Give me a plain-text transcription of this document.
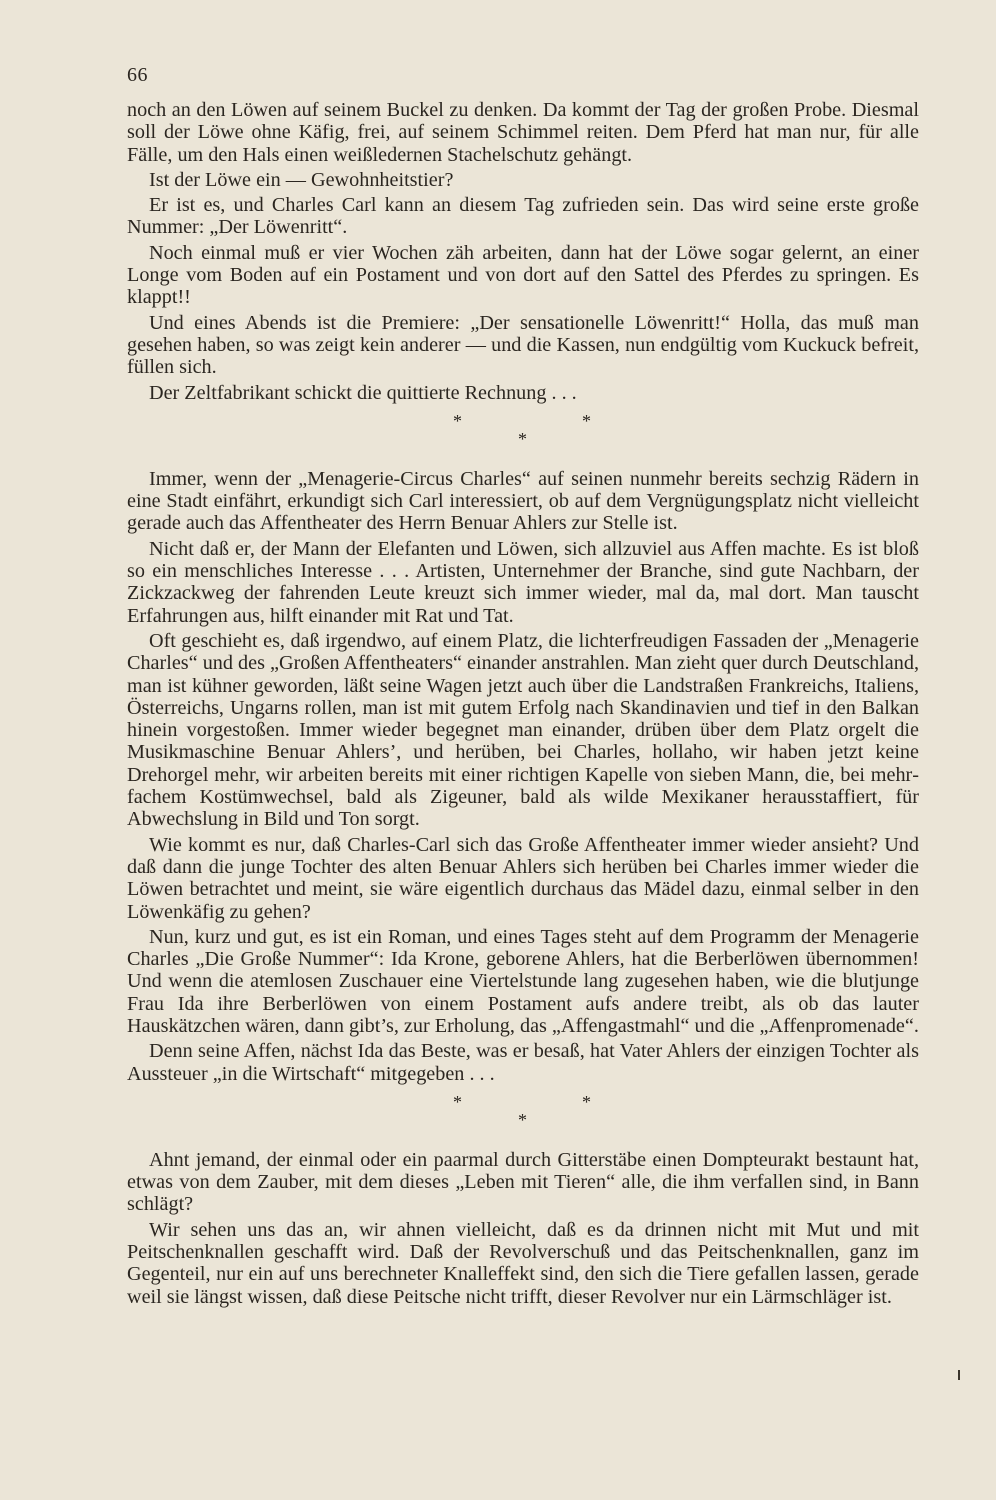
66

noch an den Löwen auf seinem Buckel zu denken. Da kommt der Tag der großen Probe. Diesmal soll der Löwe ohne Käfig, frei, auf seinem Schimmel reiten. Dem Pferd hat man nur, für alle Fälle, um den Hals einen weißledernen Stachelschutz gehängt.

Ist der Löwe ein — Gewohnheitstier?

Er ist es, und Charles Carl kann an diesem Tag zufrieden sein. Das wird seine erste große Nummer: „Der Löwenritt“.

Noch einmal muß er vier Wochen zäh arbeiten, dann hat der Löwe sogar gelernt, an einer Longe vom Boden auf ein Postament und von dort auf den Sattel des Pferdes zu springen. Es klappt!!

Und eines Abends ist die Premiere: „Der sensationelle Löwenritt!“ Holla, das muß man gesehen haben, so was zeigt kein anderer — und die Kassen, nun endgültig vom Kuckuck befreit, füllen sich.

Der Zeltfabrikant schickt die quittierte Rechnung . . .

*	*
*

Immer, wenn der „Menagerie-Circus Charles“ auf seinen nunmehr bereits sechzig Rädern in eine Stadt einfährt, erkundigt sich Carl interessiert, ob auf dem Vergnügungsplatz nicht vielleicht gerade auch das Affentheater des Herrn Benuar Ahlers zur Stelle ist.

Nicht daß er, der Mann der Elefanten und Löwen, sich allzuviel aus Affen machte. Es ist bloß so ein menschliches Interesse . . . Artisten, Unternehmer der Branche, sind gute Nachbarn, der Zickzackweg der fahrenden Leute kreuzt sich immer wieder, mal da, mal dort. Man tauscht Erfahrungen aus, hilft einander mit Rat und Tat.

Oft geschieht es, daß irgendwo, auf einem Platz, die lichterfreudigen Fassaden der „Menagerie Charles“ und des „Großen Affentheaters“ einander anstrahlen. Man zieht quer durch Deutschland, man ist kühner geworden, läßt seine Wagen jetzt auch über die Landstraßen Frankreichs, Italiens, Österreichs, Ungarns rollen, man ist mit gutem Erfolg nach Skandinavien und tief in den Balkan hinein vorgestoßen. Immer wieder begegnet man einander, drüben über dem Platz orgelt die Musikmaschine Benuar Ahlers’, und herüben, bei Charles, hollaho, wir haben jetzt keine Drehorgel mehr, wir arbeiten bereits mit einer richtigen Kapelle von sieben Mann, die, bei mehrfachem Kostümwechsel, bald als Zigeuner, bald als wilde Mexikaner herausstaffiert, für Abwechslung in Bild und Ton sorgt.

Wie kommt es nur, daß Charles-Carl sich das Große Affentheater immer wieder ansieht? Und daß dann die junge Tochter des alten Benuar Ahlers sich herüben bei Charles immer wieder die Löwen betrachtet und meint, sie wäre eigentlich durchaus das Mädel dazu, einmal selber in den Löwenkäfig zu gehen?

Nun, kurz und gut, es ist ein Roman, und eines Tages steht auf dem Programm der Menagerie Charles „Die Große Nummer“: Ida Krone, geborene Ahlers, hat die Berberlöwen übernommen! Und wenn die atemlosen Zuschauer eine Viertelstunde lang zugesehen haben, wie die blutjunge Frau Ida ihre Berberlöwen von einem Postament aufs andere treibt, als ob das lauter Hauskätzchen wären, dann gibt’s, zur Erholung, das „Affengastmahl“ und die „Affenpromenade“.

Denn seine Affen, nächst Ida das Beste, was er besaß, hat Vater Ahlers der einzigen Tochter als Aussteuer „in die Wirtschaft“ mitgegeben . . .

*	*
*

Ahnt jemand, der einmal oder ein paarmal durch Gitterstäbe einen Dompteurakt bestaunt hat, etwas von dem Zauber, mit dem dieses „Leben mit Tieren“ alle, die ihm verfallen sind, in Bann schlägt?

Wir sehen uns das an, wir ahnen vielleicht, daß es da drinnen nicht mit Mut und mit Peitschenknallen geschafft wird. Daß der Revolverschuß und das Peitschenknallen, ganz im Gegenteil, nur ein auf uns berechneter Knalleffekt sind, den sich die Tiere gefallen lassen, gerade weil sie längst wissen, daß diese Peitsche nicht trifft, dieser Revolver nur ein Lärmschläger ist.
